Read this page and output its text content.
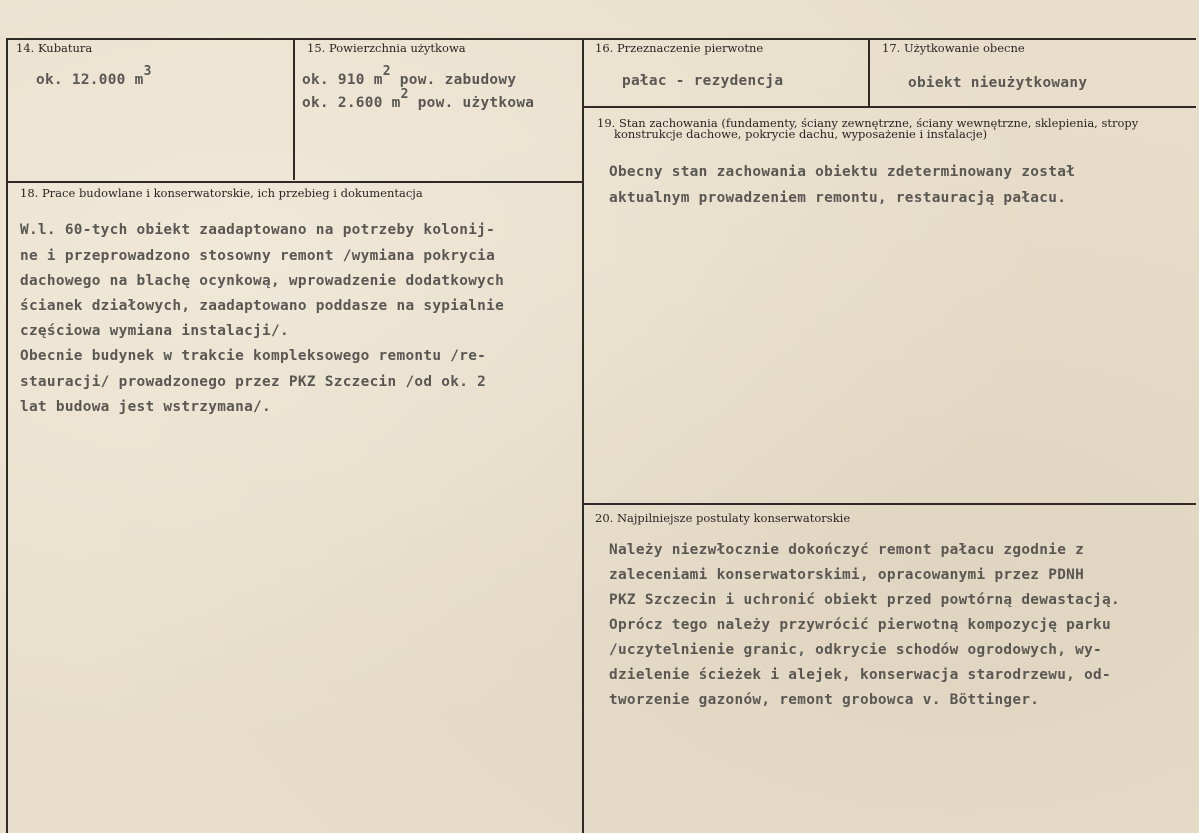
14. Kubatura
ok. 12.000 m3
15. Powierzchnia użytkowa
ok. 910 m2 pow. zabudowy
ok. 2.600 m2 pow. użytkowa
16. Przeznaczenie pierwotne
pałac - rezydencja
17. Użytkowanie obecne
obiekt nieużytkowany
18. Prace budowlane i konserwatorskie, ich przebieg i dokumentacja
W.l. 60-tych obiekt zaadaptowano na potrzeby kolonij-
ne i przeprowadzono stosowny remont /wymiana pokrycia
dachowego na blachę ocynkową, wprowadzenie dodatkowych
ścianek działowych, zaadaptowano poddasze na sypialnie
częściowa wymiana instalacji/.
Obecnie budynek w trakcie kompleksowego remontu /re-
stauracji/ prowadzonego przez PKZ Szczecin /od ok. 2
lat budowa jest wstrzymana/.
19. Stan zachowania (fundamenty, ściany zewnętrzne, ściany wewnętrzne, sklepienia, stropy
konstrukcje dachowe, pokrycie dachu, wyposażenie i instalacje)
Obecny stan zachowania obiektu zdeterminowany został
aktualnym prowadzeniem remontu, restauracją pałacu.
20. Najpilniejsze postulaty konserwatorskie
Należy niezwłocznie dokończyć remont pałacu zgodnie z
zaleceniami konserwatorskimi, opracowanymi przez PDNH
PKZ Szczecin i uchronić obiekt przed powtórną dewastacją.
Oprócz tego należy przywrócić pierwotną kompozycję parku
/uczytelnienie granic, odkrycie schodów ogrodowych, wy-
dzielenie ścieżek i alejek, konserwacja starodrzewu, od-
tworzenie gazonów, remont grobowca v. Böttinger.
